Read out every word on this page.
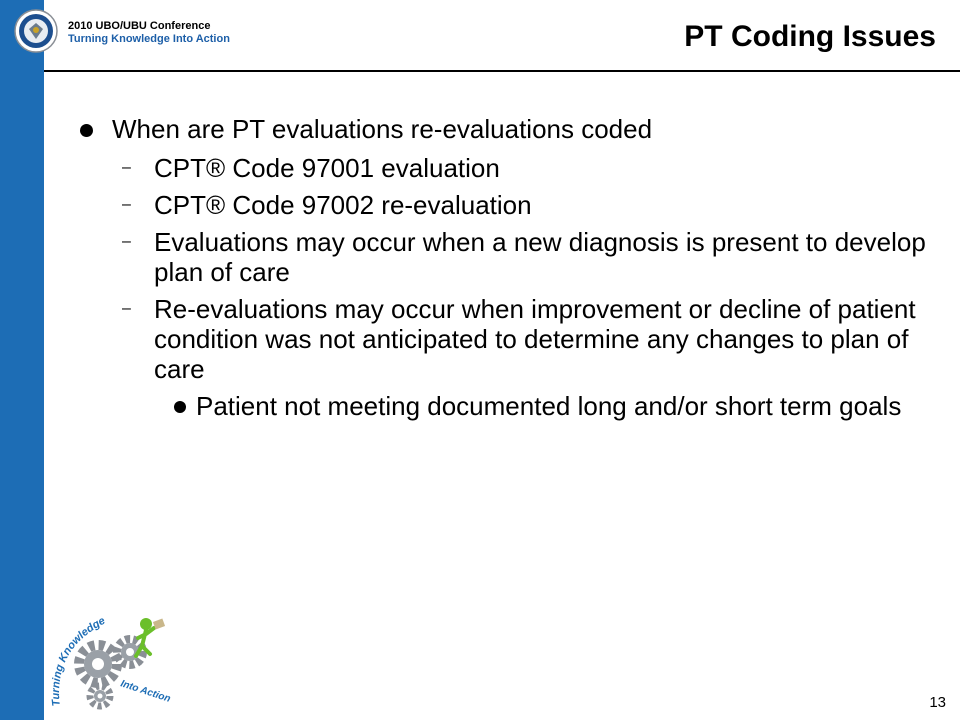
2010 UBO/UBU Conference
Turning Knowledge Into Action	PT Coding Issues
When are PT evaluations re-evaluations coded
– CPT® Code 97001 evaluation
– CPT® Code 97002 re-evaluation
– Evaluations may occur when a new diagnosis is present to develop plan of care
– Re-evaluations may occur when improvement or decline of patient condition was not anticipated to determine any changes to plan of care
Patient not meeting documented long and/or short term goals
Turning Knowledge
Into Action	13
